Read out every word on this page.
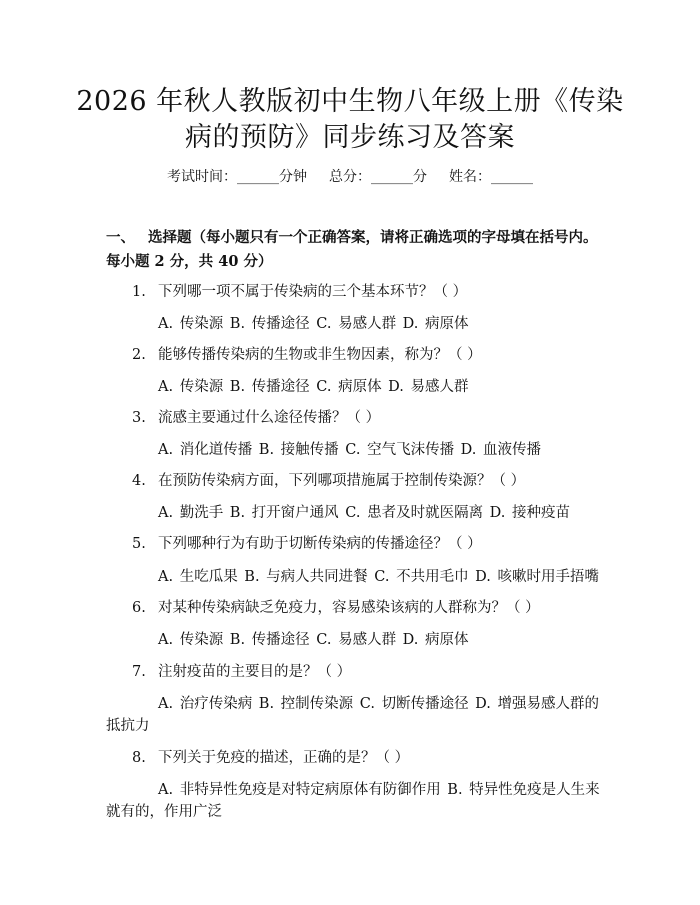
2026 年秋人教版初中生物八年级上册《传染
病的预防》同步练习及答案
考试时间：______分钟 总分：______分 姓名：______

一、 选择题（每小题只有一个正确答案，请将正确选项的字母填在括号内。每小题 2 分，共 40 分）

1. 下列哪一项不属于传染病的三个基本环节？（ ）

A. 传染源 B. 传播途径 C. 易感人群 D. 病原体

2. 能够传播传染病的生物或非生物因素，称为？（ ）

A. 传染源 B. 传播途径 C. 病原体 D. 易感人群

3. 流感主要通过什么途径传播？（ ）

A. 消化道传播 B. 接触传播 C. 空气飞沫传播 D. 血液传播

4. 在预防传染病方面，下列哪项措施属于控制传染源？（ ）

A. 勤洗手 B. 打开窗户通风 C. 患者及时就医隔离 D. 接种疫苗

5. 下列哪种行为有助于切断传染病的传播途径？（ ）

A. 生吃瓜果 B. 与病人共同进餐 C. 不共用毛巾 D. 咳嗽时用手捂嘴

6. 对某种传染病缺乏免疫力，容易感染该病的人群称为？（ ）

A. 传染源 B. 传播途径 C. 易感人群 D. 病原体

7. 注射疫苗的主要目的是？（ ）

A. 治疗传染病 B. 控制传染源 C. 切断传播途径 D. 增强易感人群的抵抗力

8. 下列关于免疫的描述，正确的是？（ ）

A. 非特异性免疫是对特定病原体有防御作用 B. 特异性免疫是人生来就有的，作用广泛
